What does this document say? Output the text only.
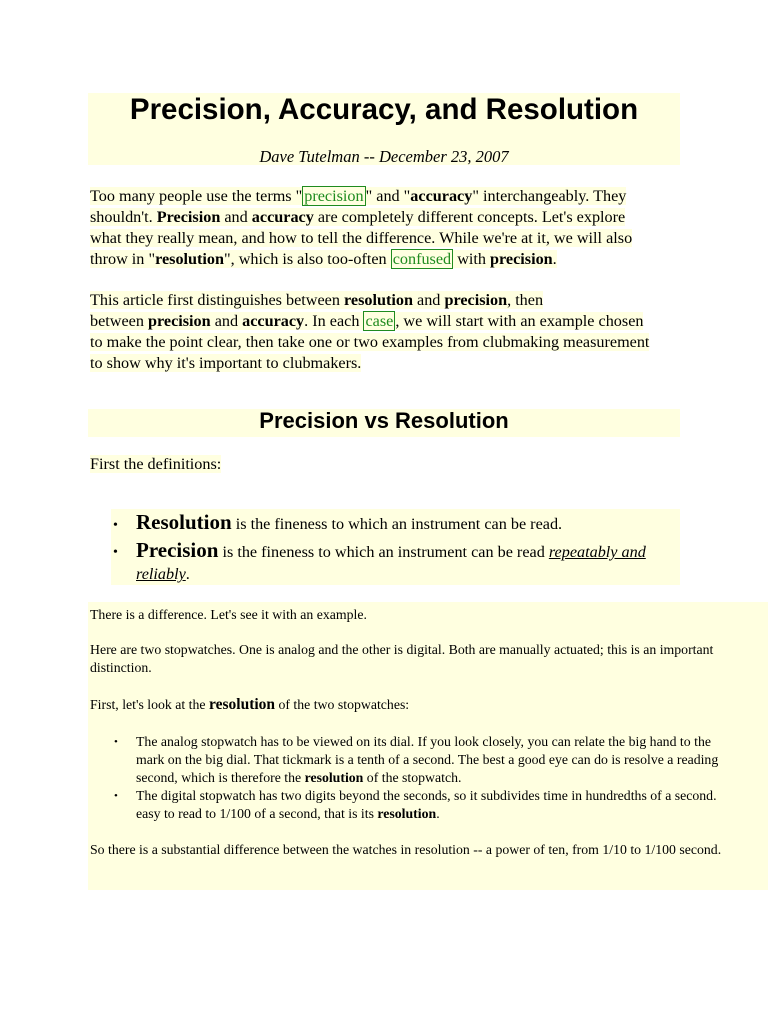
Precision, Accuracy, and Resolution

Dave Tutelman -- December 23, 2007

Too many people use the terms " precision " and "accuracy" interchangeably. They
shouldn't. Precision and accuracy are completely different concepts. Let's explore
what they really mean, and how to tell the difference. While we're at it, we will also
throw in "resolution", which is also too-often confused with precision.

This article first distinguishes between resolution and precision, then
between precision and accuracy. In each case , we will start with an example chosen
to make the point clear, then take one or two examples from clubmaking measurement
to show why it's important to clubmakers.

Precision vs Resolution

First the definitions:

• Resolution is the fineness to which an instrument can be read.

• Precision is the fineness to which an instrument can be read repeatably and
reliably.

There is a difference. Let's see it with an example.

Here are two stopwatches. One is analog and the other is digital. Both are manually actuated; this is an important
distinction.

First, let's look at the resolution of the two stopwatches:

• The analog stopwatch has to be viewed on its dial. If you look closely, you can relate the big hand to the
mark on the big dial. That tickmark is a tenth of a second. The best a good eye can do is resolve a reading
second, which is therefore the resolution of the stopwatch.

• The digital stopwatch has two digits beyond the seconds, so it subdivides time in hundredths of a second.
easy to read to 1/100 of a second, that is its resolution.

So there is a substantial difference between the watches in resolution -- a power of ten, from 1/10 to 1/100 second.
